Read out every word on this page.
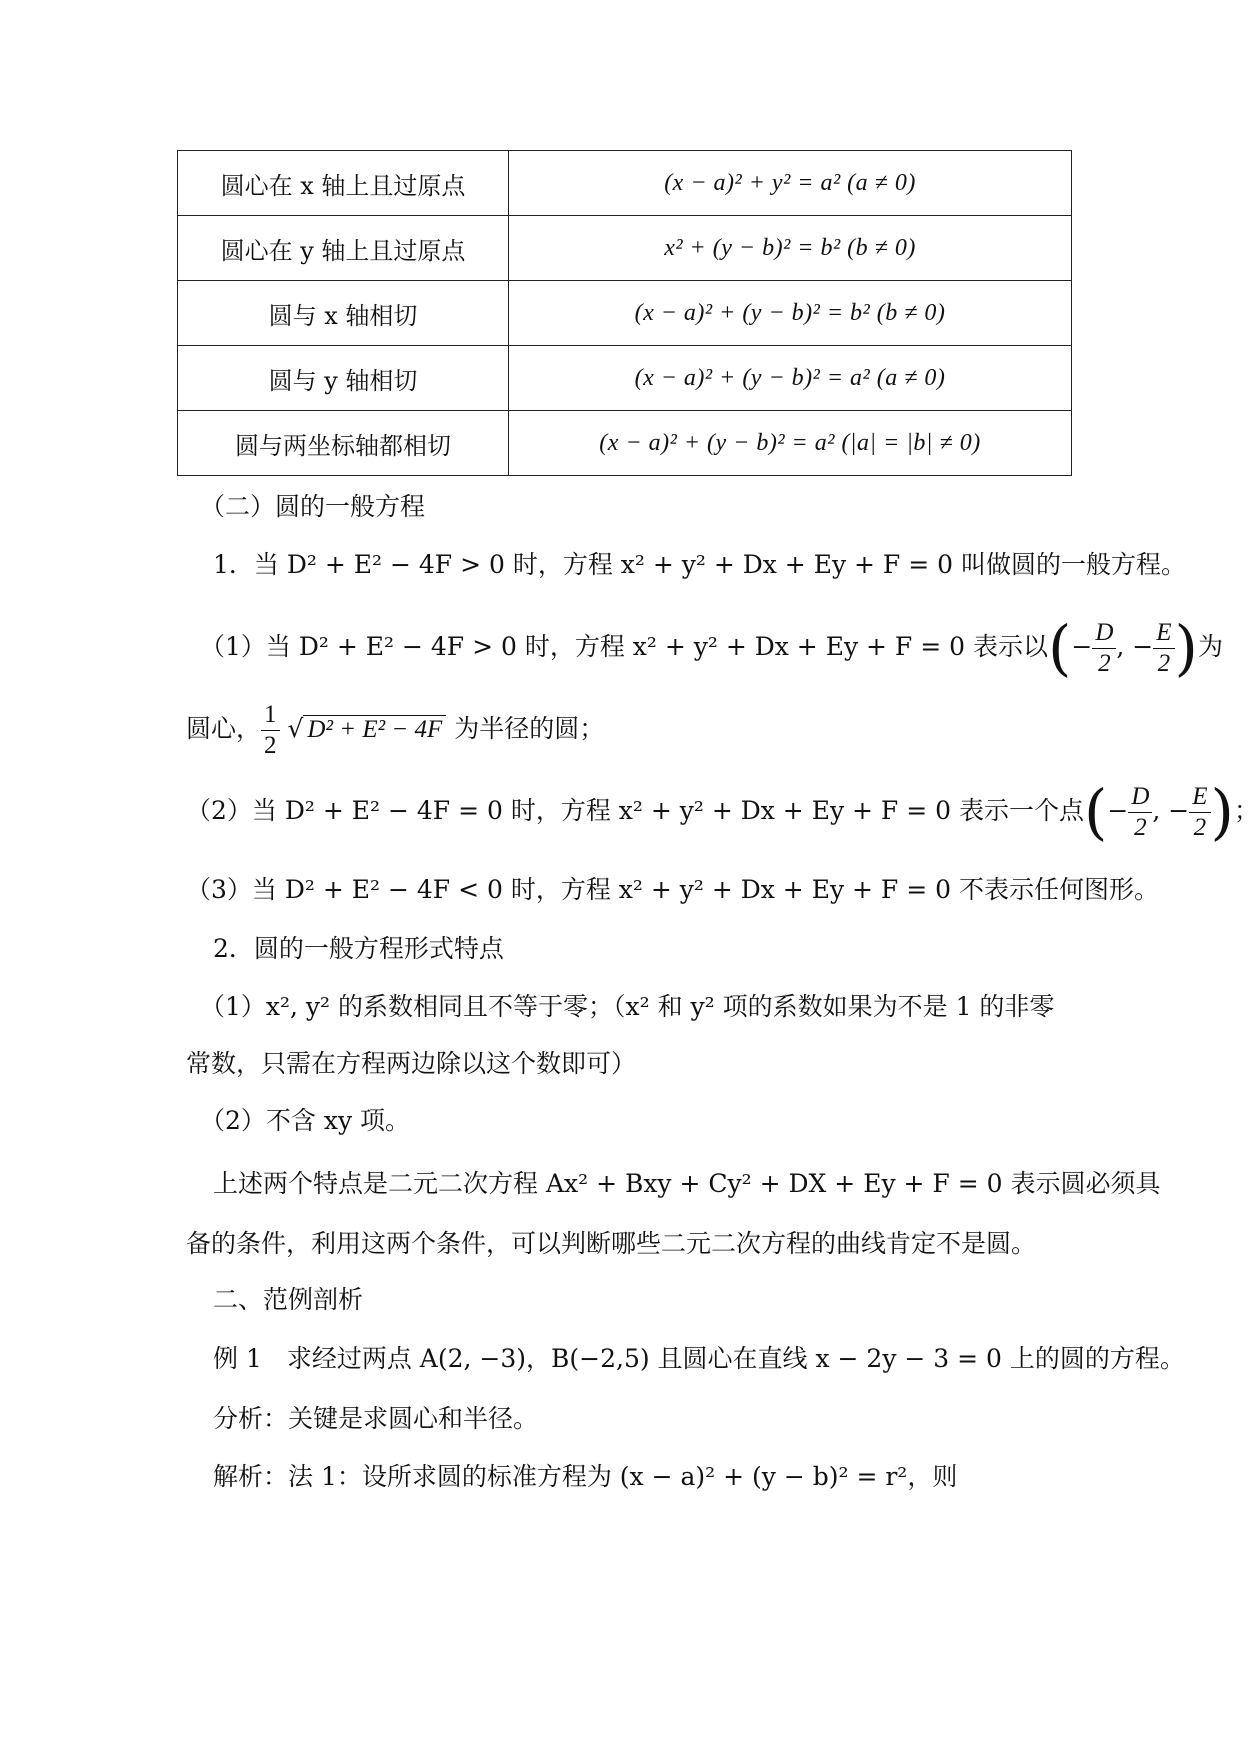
圆心在 x 轴上且过原点	(x − a)² + y² = a² (a ≠ 0)
圆心在 y 轴上且过原点	x² + (y − b)² = b² (b ≠ 0)
圆与 x 轴相切	(x − a)² + (y − b)² = b² (b ≠ 0)
圆与 y 轴相切	(x − a)² + (y − b)² = a² (a ≠ 0)
圆与两坐标轴都相切	(x − a)² + (y − b)² = a² (|a| = |b| ≠ 0)
（二）圆的一般方程
1．当 D² + E² − 4F > 0 时，方程 x² + y² + Dx + Ey + F = 0 叫做圆的一般方程。
（1）当 D² + E² − 4F > 0 时，方程 x² + y² + Dx + Ey + F = 0 表示以(− $\frac{D}{2}$ , − $\frac{E}{2}$ )为
圆心， $\frac{1}{2}$ √ D² + E² − 4F 为半径的圆；
（2）当 D² + E² − 4F = 0 时，方程 x² + y² + Dx + Ey + F = 0 表示一个点(− $\frac{D}{2}$ , − $\frac{E}{2}$ )；
（3）当 D² + E² − 4F < 0 时，方程 x² + y² + Dx + Ey + F = 0 不表示任何图形。
2．圆的一般方程形式特点
（1）x², y² 的系数相同且不等于零；（x² 和 y² 项的系数如果为不是 1 的非零
常数，只需在方程两边除以这个数即可）
（2）不含 xy 项。
上述两个特点是二元二次方程 Ax² + Bxy + Cy² + DX + Ey + F = 0 表示圆必须具
备的条件，利用这两个条件，可以判断哪些二元二次方程的曲线肯定不是圆。
二、范例剖析
例 1　求经过两点 A(2, −3)，B(−2,5) 且圆心在直线 x − 2y − 3 = 0 上的圆的方程。
分析：关键是求圆心和半径。
解析：法 1：设所求圆的标准方程为 (x − a)² + (y − b)² = r²，则
